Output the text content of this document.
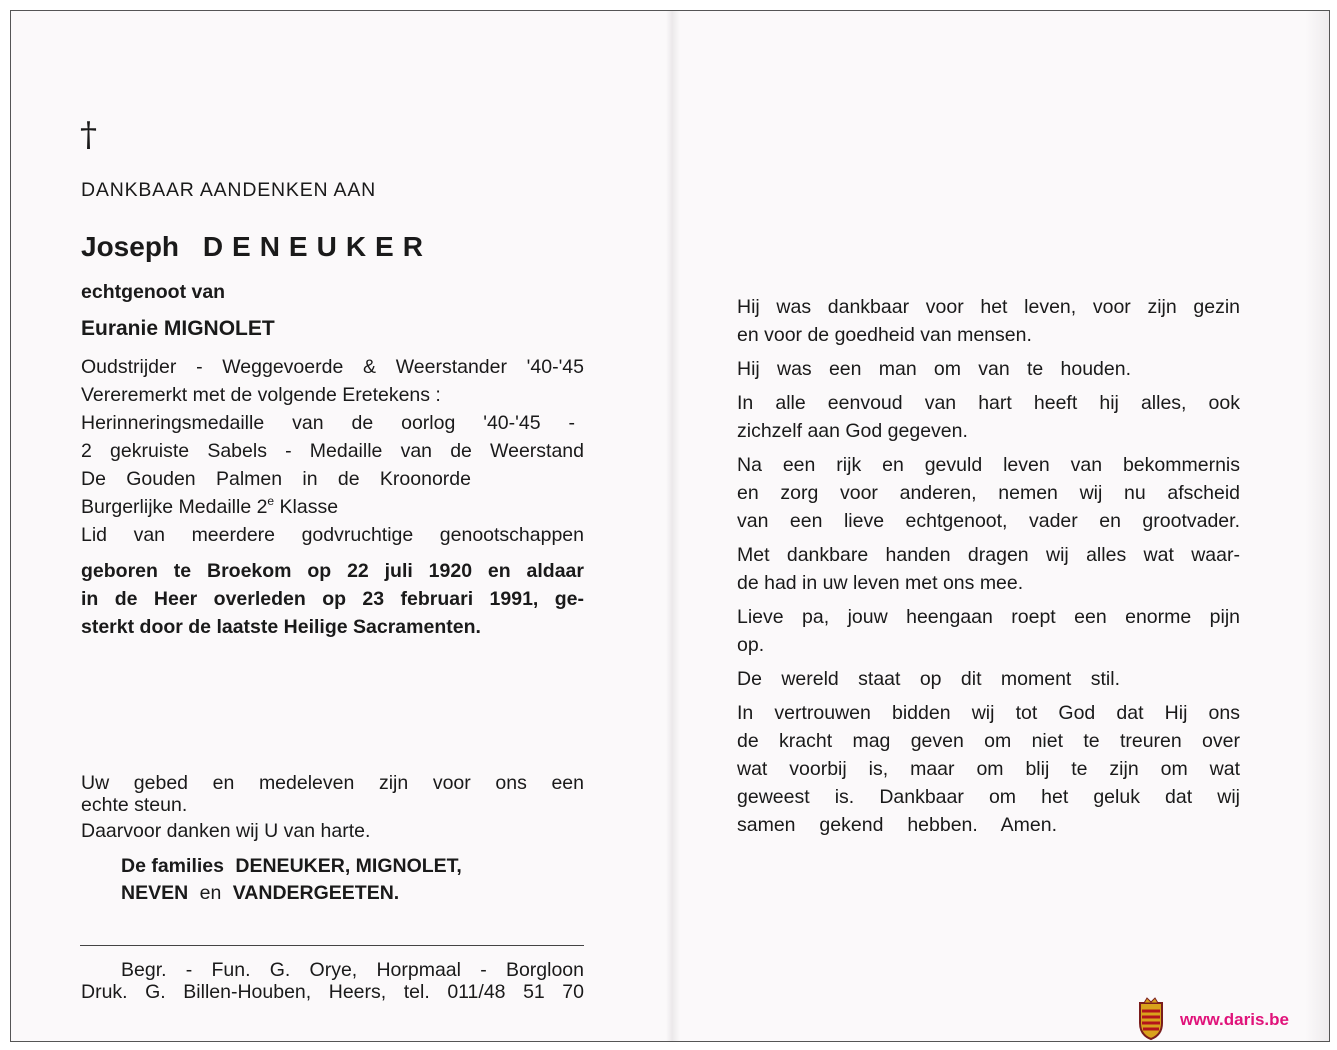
†
DANKBAAR AANDENKEN AAN
Joseph DENEUKER
echtgenoot van
Euranie MIGNOLET
Oudstrijder - Weggevoerde & Weerstander '40-'45
Vereremerkt met de volgende Eretekens :
Herinneringsmedaille van de oorlog '40-'45 -
2 gekruiste Sabels - Medaille van de Weerstand
De Gouden Palmen in de Kroonorde
Burgerlijke Medaille 2e Klasse
Lid van meerdere godvruchtige genootschappen
geboren te Broekom op 22 juli 1920 en aldaar
in de Heer overleden op 23 februari 1991, ge-
sterkt door de laatste Heilige Sacramenten.
Uw gebed en medeleven zijn voor ons een
echte steun.
Daarvoor danken wij U van harte.
De families DENEUKER, MIGNOLET,
NEVEN en VANDERGEETEN.
Begr. - Fun. G. Orye, Horpmaal - Borgloon
Druk. G. Billen-Houben, Heers, tel. 011/48 51 70
Hij was dankbaar voor het leven, voor zijn gezin
en voor de goedheid van mensen.
Hij was een man om van te houden.
In alle eenvoud van hart heeft hij alles, ook
zichzelf aan God gegeven.
Na een rijk en gevuld leven van bekommernis
en zorg voor anderen, nemen wij nu afscheid
van een lieve echtgenoot, vader en grootvader.
Met dankbare handen dragen wij alles wat waar-
de had in uw leven met ons mee.
Lieve pa, jouw heengaan roept een enorme pijn
op.
De wereld staat op dit moment stil.
In vertrouwen bidden wij tot God dat Hij ons
de kracht mag geven om niet te treuren over
wat voorbij is, maar om blij te zijn om wat
geweest is. Dankbaar om het geluk dat wij
samen gekend hebben. Amen.
www.daris.be
